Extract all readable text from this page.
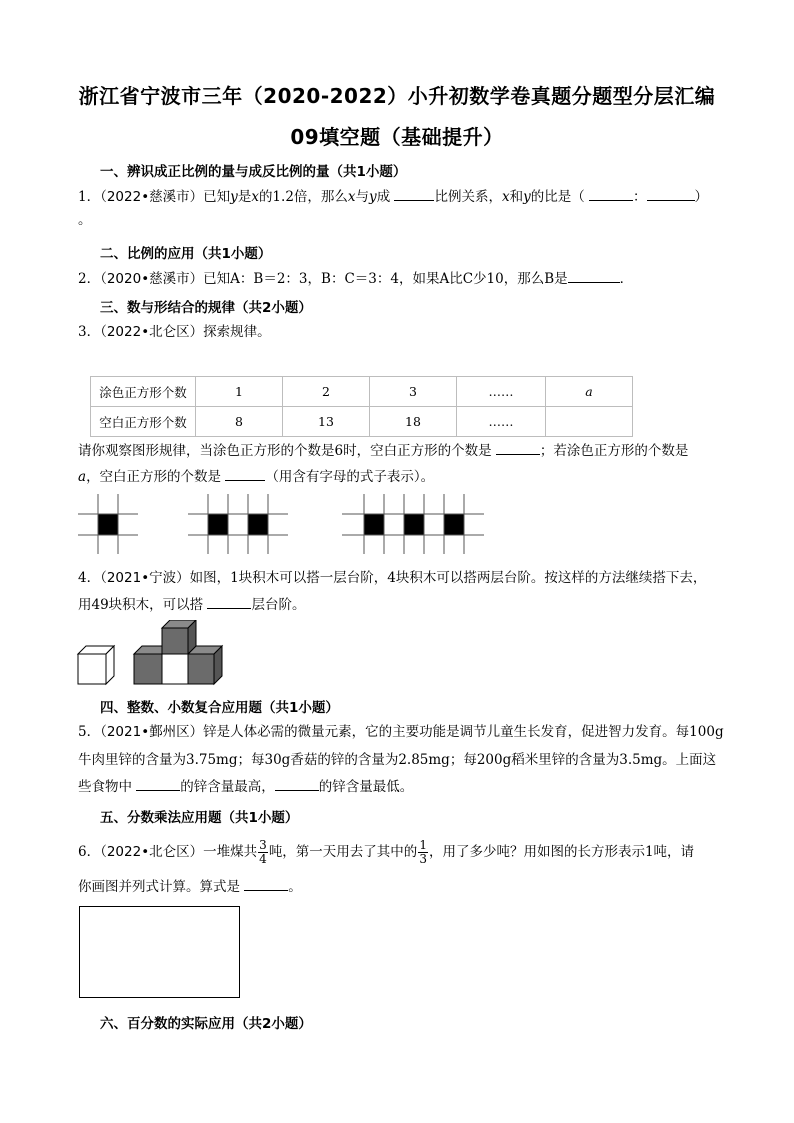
浙江省宁波市三年（2020-2022）小升初数学卷真题分题型分层汇编
09填空题（基础提升）
一、辨识成正比例的量与成反比例的量（共1小题）
1．（2022•慈溪市）已知y是x的1.2倍，那么x与y成	比例关系，x和y的比是（	：	）
。
二、比例的应用（共1小题）
2．（2020•慈溪市）已知A：B＝2：3，B：C＝3：4，如果A比C少10，那么B是	．
三、数与形结合的规律（共2小题）
3．（2022•北仑区）探索规律。
涂色正方形个数	1	2	3	……	a
空白正方形个数	8	13	18	……	
请你观察图形规律，当涂色正方形的个数是6时，空白正方形的个数是	；若涂色正方形的个数是
a，空白正方形的个数是	（用含有字母的式子表示）。
4．（2021•宁波）如图，1块积木可以搭一层台阶，4块积木可以搭两层台阶。按这样的方法继续搭下去，
用49块积木，可以搭	层台阶。
四、整数、小数复合应用题（共1小题）
5．（2021•鄞州区）锌是人体必需的微量元素，它的主要功能是调节儿童生长发育，促进智力发育。每100g
牛肉里锌的含量为3.75mg；每30g香菇的锌的含量为2.85mg；每200g稻米里锌的含量为3.5mg。上面这
些食物中	的锌含量最高，	的锌含量最低。
五、分数乘法应用题（共1小题）
6．（2022•北仑区）一堆煤共 $\frac{3}{4}$ 吨，第一天用去了其中的 $\frac{1}{3}$ ，用了多少吨？用如图的长方形表示1吨，请
你画图并列式计算。算式是	。
六、百分数的实际应用（共2小题）
